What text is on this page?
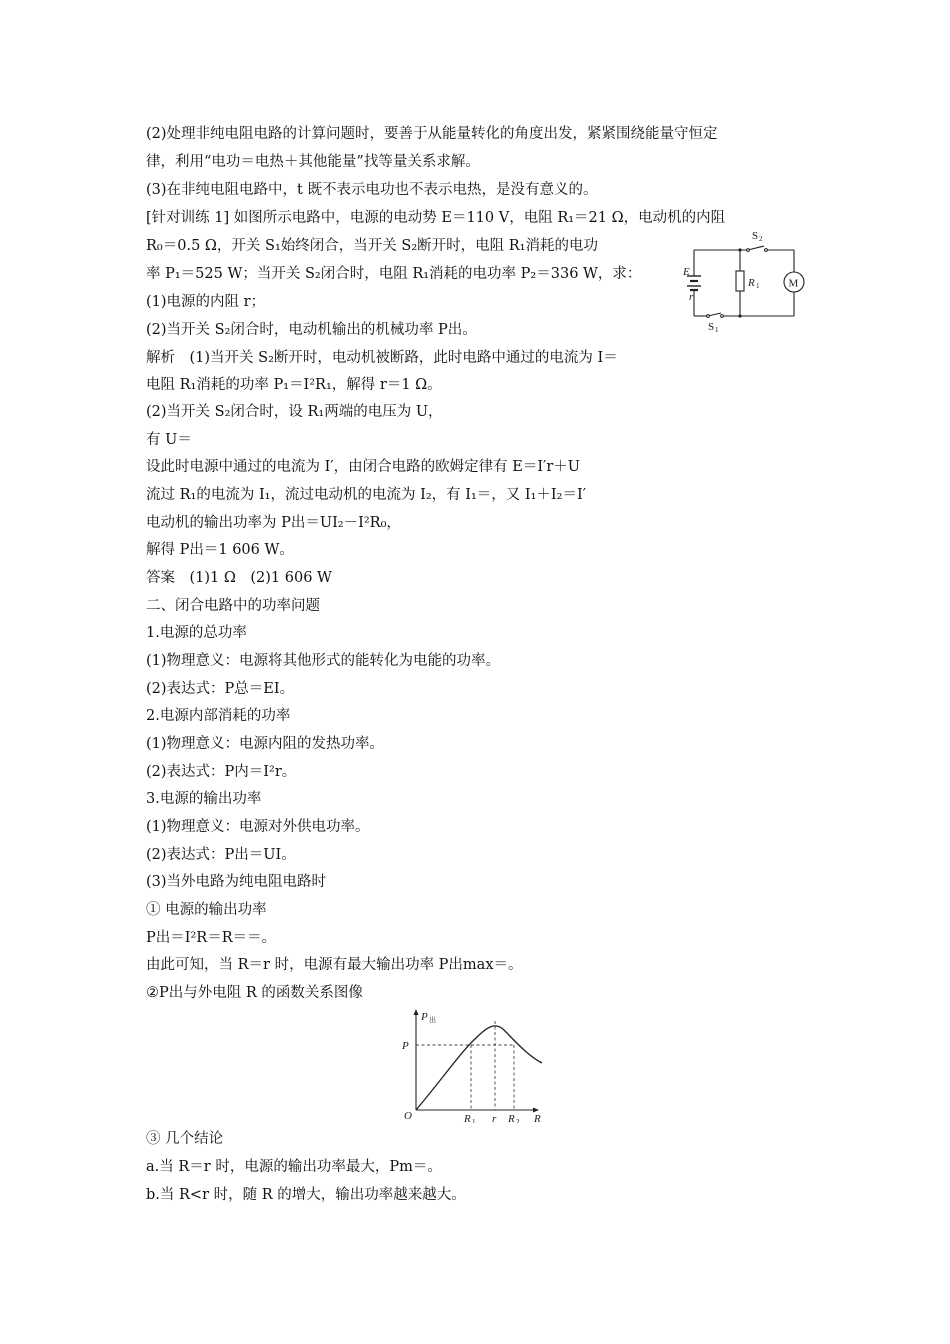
(2)处理非纯电阻电路的计算问题时，要善于从能量转化的角度出发，紧紧围绕能量守恒定
律，利用“电功＝电热＋其他能量”找等量关系求解。
(3)在非纯电阻电路中，t 既不表示电功也不表示电热，是没有意义的。
[针对训练 1] 如图所示电路中，电源的电动势 E＝110 V，电阻 R₁＝21 Ω，电动机的内阻
R₀＝0.5 Ω，开关 S₁始终闭合，当开关 S₂断开时，电阻 R₁消耗的电功
率 P₁＝525 W；当开关 S₂闭合时，电阻 R₁消耗的电功率 P₂＝336 W，求：
(1)电源的内阻 r；
(2)当开关 S₂闭合时，电动机输出的机械功率 P出。
解析　(1)当开关 S₂断开时，电动机被断路，此时电路中通过的电流为 I＝
电阻 R₁消耗的功率 P₁＝I²R₁，解得 r＝1 Ω。
(2)当开关 S₂闭合时，设 R₁两端的电压为 U，
有 U＝
设此时电源中通过的电流为 I′，由闭合电路的欧姆定律有 E＝I′r＋U
流过 R₁的电流为 I₁，流过电动机的电流为 I₂，有 I₁＝，又 I₁＋I₂＝I′
电动机的输出功率为 P出＝UI₂－I²R₀，
解得 P出＝1 606 W。
答案　(1)1 Ω　(2)1 606 W
二、闭合电路中的功率问题
1.电源的总功率
(1)物理意义：电源将其他形式的能转化为电能的功率。
(2)表达式：P总＝EI。
2.电源内部消耗的功率
(1)物理意义：电源内阻的发热功率。
(2)表达式：P内＝I²r。
3.电源的输出功率
(1)物理意义：电源对外供电功率。
(2)表达式：P出＝UI。
(3)当外电路为纯电阻电路时
① 电源的输出功率
P出＝I²R＝R＝＝。
由此可知，当 R＝r 时，电源有最大输出功率 P出max＝。
②P出与外电阻 R 的函数关系图像
③ 几个结论
a.当 R＝r 时，电源的输出功率最大，Pm＝。
b.当 R<r 时，随 R 的增大，输出功率越来越大。
E
r
R
S
S
1
2
1
M
P
P
O	R r R R
出
1	2
